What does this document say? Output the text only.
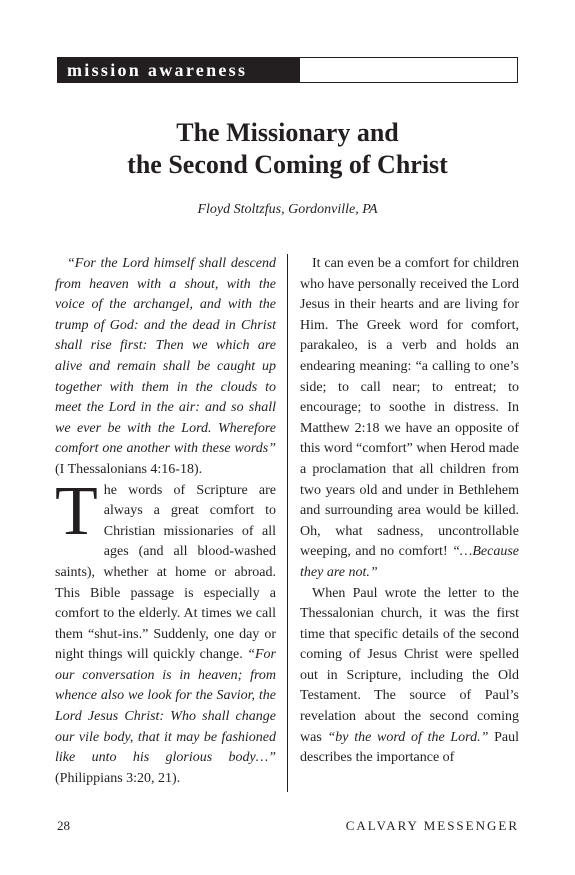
mission awareness
The Missionary and
the Second Coming of Christ
Floyd Stoltzfus, Gordonville, PA

“For the Lord himself shall descend from heaven with a shout, with the voice of the archangel, and with the trump of God: and the dead in Christ shall rise first: Then we which are alive and remain shall be caught up together with them in the clouds to meet the Lord in the air: and so shall we ever be with the Lord. Wherefore comfort one another with these words” (I Thessalonians 4:16-18).

The words of Scripture are always a great comfort to Christian missionaries of all ages (and all blood-washed saints), whether at home or abroad. This Bible passage is especially a comfort to the elderly. At times we call them “shut-ins.” Suddenly, one day or night things will quickly change. “For our conversation is in heaven; from whence also we look for the Savior, the Lord Jesus Christ: Who shall change our vile body, that it may be fashioned like unto his glorious body…” (Philippians 3:20, 21).

It can even be a comfort for children who have personally received the Lord Jesus in their hearts and are living for Him. The Greek word for comfort, parakaleo, is a verb and holds an endearing meaning: “a calling to one’s side; to call near; to entreat; to encourage; to soothe in distress. In Matthew 2:18 we have an opposite of this word “comfort” when Herod made a proclamation that all children from two years old and under in Bethlehem and surrounding area would be killed. Oh, what sadness, uncontrollable weeping, and no comfort! “…Because they are not.”

When Paul wrote the letter to the Thessalonian church, it was the first time that specific details of the second coming of Jesus Christ were spelled out in Scripture, including the Old Testament. The source of Paul’s revelation about the second coming was “by the word of the Lord.” Paul describes the importance of

28	CALVARY MESSENGER
